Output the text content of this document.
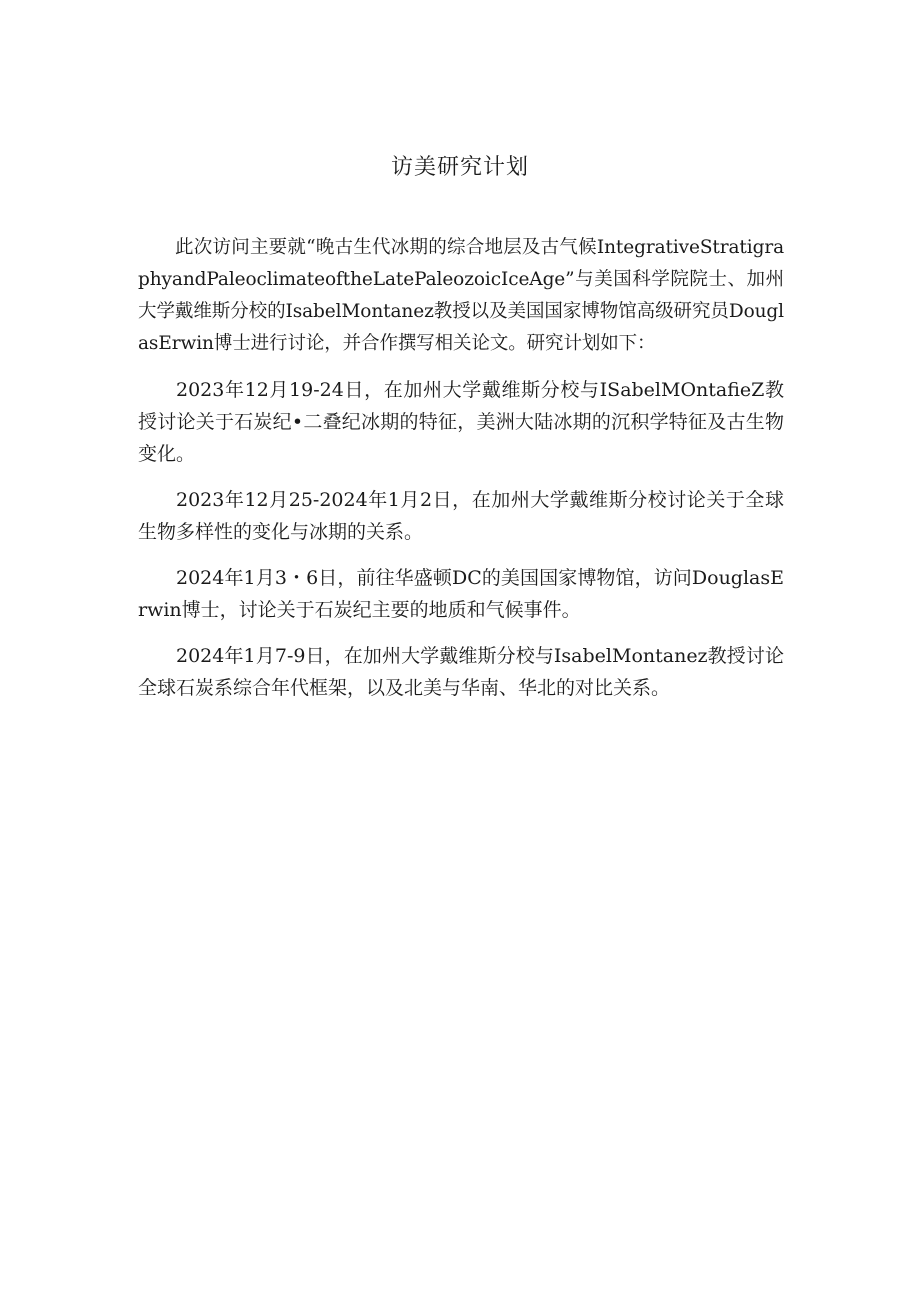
访美研究计划

此次访问主要就“晚古生代冰期的综合地层及古气候IntegrativeStratigraphyandPaleoclimateoftheLatePaleozoicIceAge”与美国科学院院士、加州大学戴维斯分校的IsabelMontanez教授以及美国国家博物馆高级研究员DouglasErwin博士进行讨论，并合作撰写相关论文。研究计划如下：

2023年12月19-24日，在加州大学戴维斯分校与ISabelMOntafieZ教授讨论关于石炭纪•二叠纪冰期的特征，美洲大陆冰期的沉积学特征及古生物变化。

2023年12月25-2024年1月2日，在加州大学戴维斯分校讨论关于全球生物多样性的变化与冰期的关系。

2024年1月3・6日，前往华盛顿DC的美国国家博物馆，访问DouglasErwin博士，讨论关于石炭纪主要的地质和气候事件。

2024年1月7-9日，在加州大学戴维斯分校与IsabelMontanez教授讨论全球石炭系综合年代框架，以及北美与华南、华北的对比关系。
